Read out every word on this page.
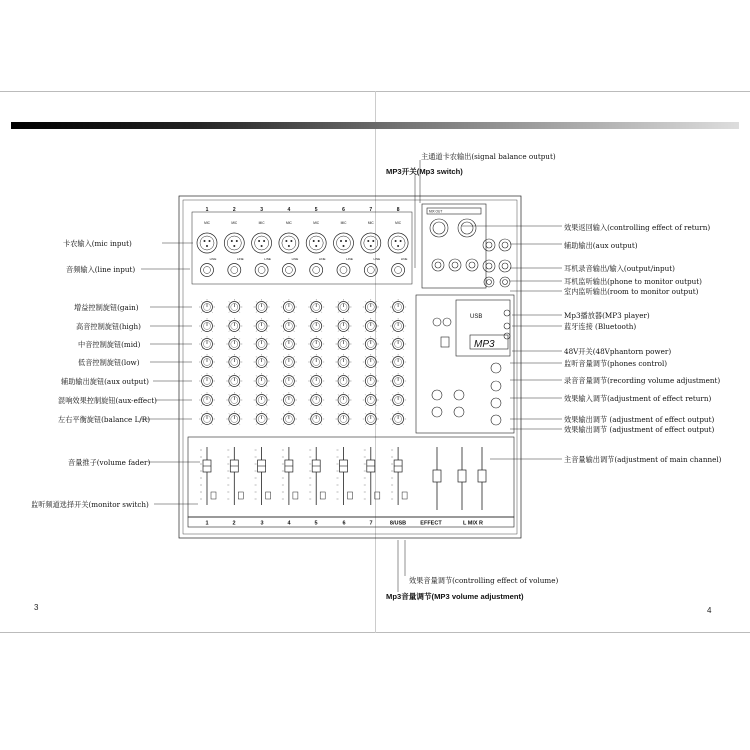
3	4
主通道卡农输出(signal balance output)
MP3开关(Mp3 switch)
卡农输入(mic input)
音频输入(line input)
增益控制旋钮(gain)
高音控制旋钮(high)
中音控制旋钮(mid)
低音控制旋钮(low)
辅助输出旋钮(aux output)
混响效果控制旋钮(aux-effect)
左右平衡旋钮(balance L/R)
音量推子(volume fader)
监听频道选择开关(monitor switch)
效果返回输入(controlling effect of return)
辅助输出(aux output)
耳机录音输出/输入(output/input)
耳机监听输出(phone to monitor output)
室内监听输出(room to monitor output)
Mp3播放器(MP3 player)
蓝牙连接 (Bluetooth)
48V开关(48Vphantorn power)
监听音量调节(phones control)
录音音量调节(recording volume adjustment)
效果输入调节(adjustment of effect return)
效果输出调节 (adjustment of effect output)
效果输出调节 (adjustment of effect output)
主音量输出调节(adjustment of main channel)
效果音量调节(controlling effect of volume)
Mp3音量调节(MP3 volume adjustment)
1
MIC
LINE
2
MIC
LINE
3
MIC
LINE
4
MIC
LINE
5
MIC
LINE
6
MIC
LINE
7
MIC
LINE
8
MIC
LINE
MIX OUT
MP3
USB
1	2	3	4	5	6	7	8/USB	EFFECT	L MIX R
